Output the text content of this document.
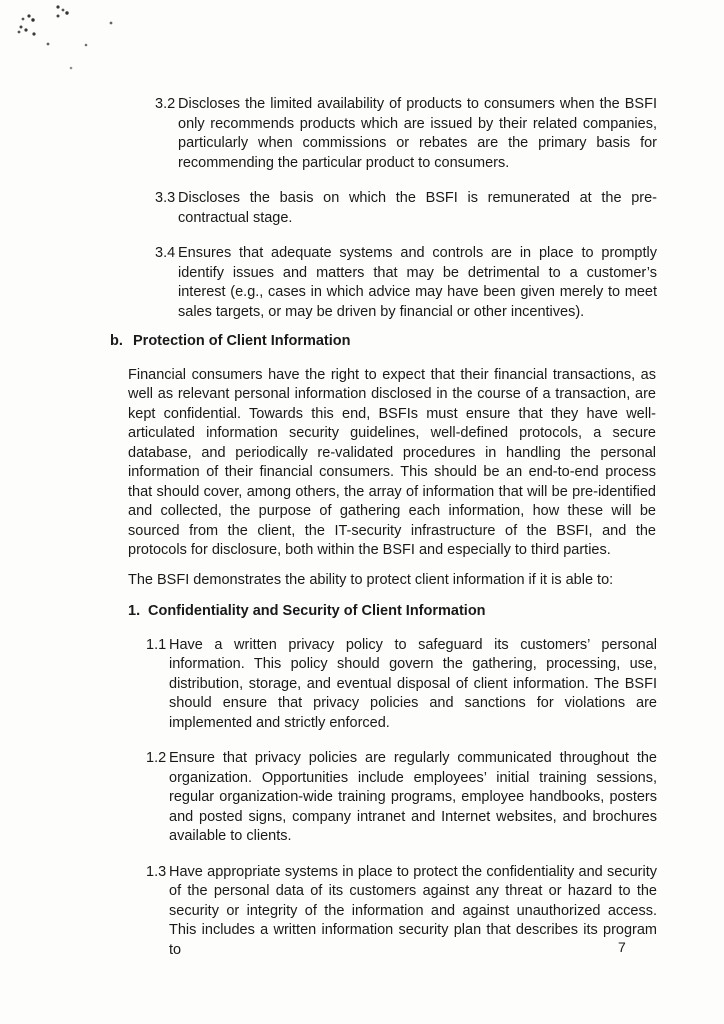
3.2 Discloses the limited availability of products to consumers when the BSFI only recommends products which are issued by their related companies, particularly when commissions or rebates are the primary basis for recommending the particular product to consumers.
3.3 Discloses the basis on which the BSFI is remunerated at the pre-contractual stage.
3.4 Ensures that adequate systems and controls are in place to promptly identify issues and matters that may be detrimental to a customer’s interest (e.g., cases in which advice may have been given merely to meet sales targets, or may be driven by financial or other incentives).
b. Protection of Client Information

Financial consumers have the right to expect that their financial transactions, as well as relevant personal information disclosed in the course of a transaction, are kept confidential. Towards this end, BSFIs must ensure that they have well-articulated information security guidelines, well-defined protocols, a secure database, and periodically re-validated procedures in handling the personal information of their financial consumers. This should be an end-to-end process that should cover, among others, the array of information that will be pre-identified and collected, the purpose of gathering each information, how these will be sourced from the client, the IT-security infrastructure of the BSFI, and the protocols for disclosure, both within the BSFI and especially to third parties.

The BSFI demonstrates the ability to protect client information if it is able to:

1. Confidentiality and Security of Client Information
1.1 Have a written privacy policy to safeguard its customers’ personal information. This policy should govern the gathering, processing, use, distribution, storage, and eventual disposal of client information. The BSFI should ensure that privacy policies and sanctions for violations are implemented and strictly enforced.
1.2 Ensure that privacy policies are regularly communicated throughout the organization. Opportunities include employees’ initial training sessions, regular organization-wide training programs, employee handbooks, posters and posted signs, company intranet and Internet websites, and brochures available to clients.
1.3 Have appropriate systems in place to protect the confidentiality and security of the personal data of its customers against any threat or hazard to the security or integrity of the information and against unauthorized access. This includes a written information security plan that describes its program to	7
